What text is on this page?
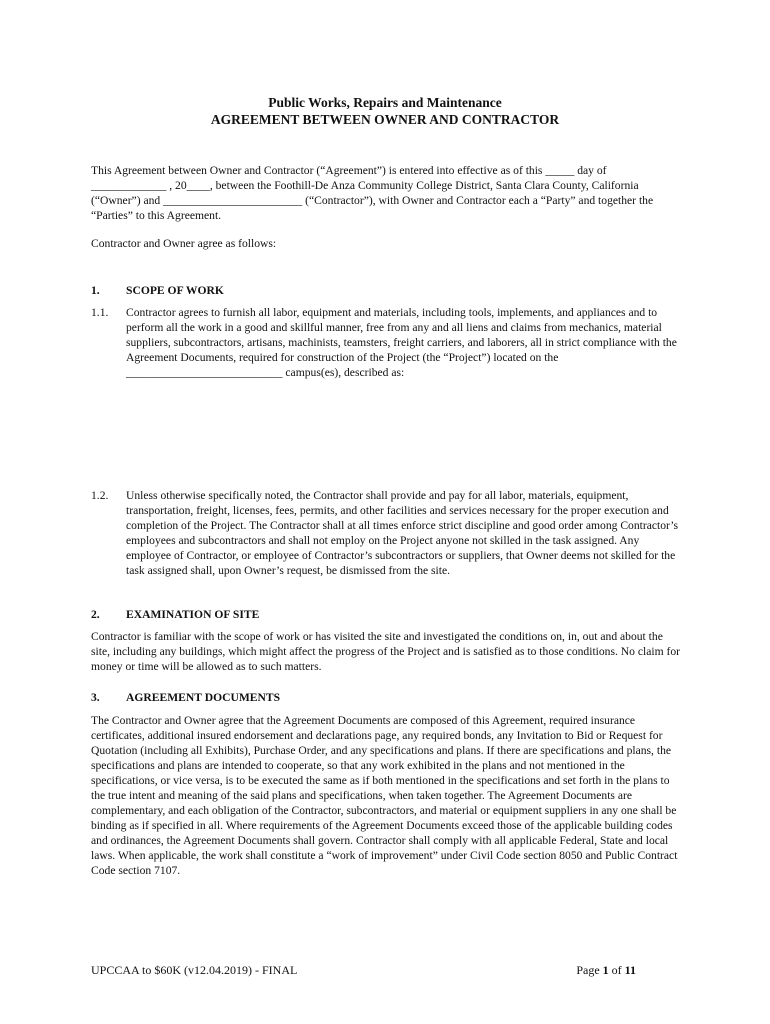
Public Works, Repairs and Maintenance
AGREEMENT BETWEEN OWNER AND CONTRACTOR

This Agreement between Owner and Contractor (“Agreement”) is entered into effective as of this _____ day of _____________ , 20____, between the Foothill-De Anza Community College District, Santa Clara County, California (“Owner”) and ________________________ (“Contractor”), with Owner and Contractor each a “Party” and together the “Parties” to this Agreement.

Contractor and Owner agree as follows:

1. SCOPE OF WORK
1.1. Contractor agrees to furnish all labor, equipment and materials, including tools, implements, and appliances and to perform all the work in a good and skillful manner, free from any and all liens and claims from mechanics, material suppliers, subcontractors, artisans, machinists, teamsters, freight carriers, and laborers, all in strict compliance with the Agreement Documents, required for construction of the Project (the “Project”) located on the ___________________________ campus(es), described as:
1.2. Unless otherwise specifically noted, the Contractor shall provide and pay for all labor, materials, equipment, transportation, freight, licenses, fees, permits, and other facilities and services necessary for the proper execution and completion of the Project. The Contractor shall at all times enforce strict discipline and good order among Contractor’s employees and subcontractors and shall not employ on the Project anyone not skilled in the task assigned. Any employee of Contractor, or employee of Contractor’s subcontractors or suppliers, that Owner deems not skilled for the task assigned shall, upon Owner’s request, be dismissed from the site.
2. EXAMINATION OF SITE

Contractor is familiar with the scope of work or has visited the site and investigated the conditions on, in, out and about the site, including any buildings, which might affect the progress of the Project and is satisfied as to those conditions. No claim for money or time will be allowed as to such matters.

3. AGREEMENT DOCUMENTS

The Contractor and Owner agree that the Agreement Documents are composed of this Agreement, required insurance certificates, additional insured endorsement and declarations page, any required bonds, any Invitation to Bid or Request for Quotation (including all Exhibits), Purchase Order, and any specifications and plans. If there are specifications and plans, the specifications and plans are intended to cooperate, so that any work exhibited in the plans and not mentioned in the specifications, or vice versa, is to be executed the same as if both mentioned in the specifications and set forth in the plans to the true intent and meaning of the said plans and specifications, when taken together. The Agreement Documents are complementary, and each obligation of the Contractor, subcontractors, and material or equipment suppliers in any one shall be binding as if specified in all. Where requirements of the Agreement Documents exceed those of the applicable building codes and ordinances, the Agreement Documents shall govern. Contractor shall comply with all applicable Federal, State and local laws. When applicable, the work shall constitute a “work of improvement” under Civil Code section 8050 and Public Contract Code section 7107.

UPCCAA to $60K (v12.04.2019) - FINAL	Page 1 of 11
